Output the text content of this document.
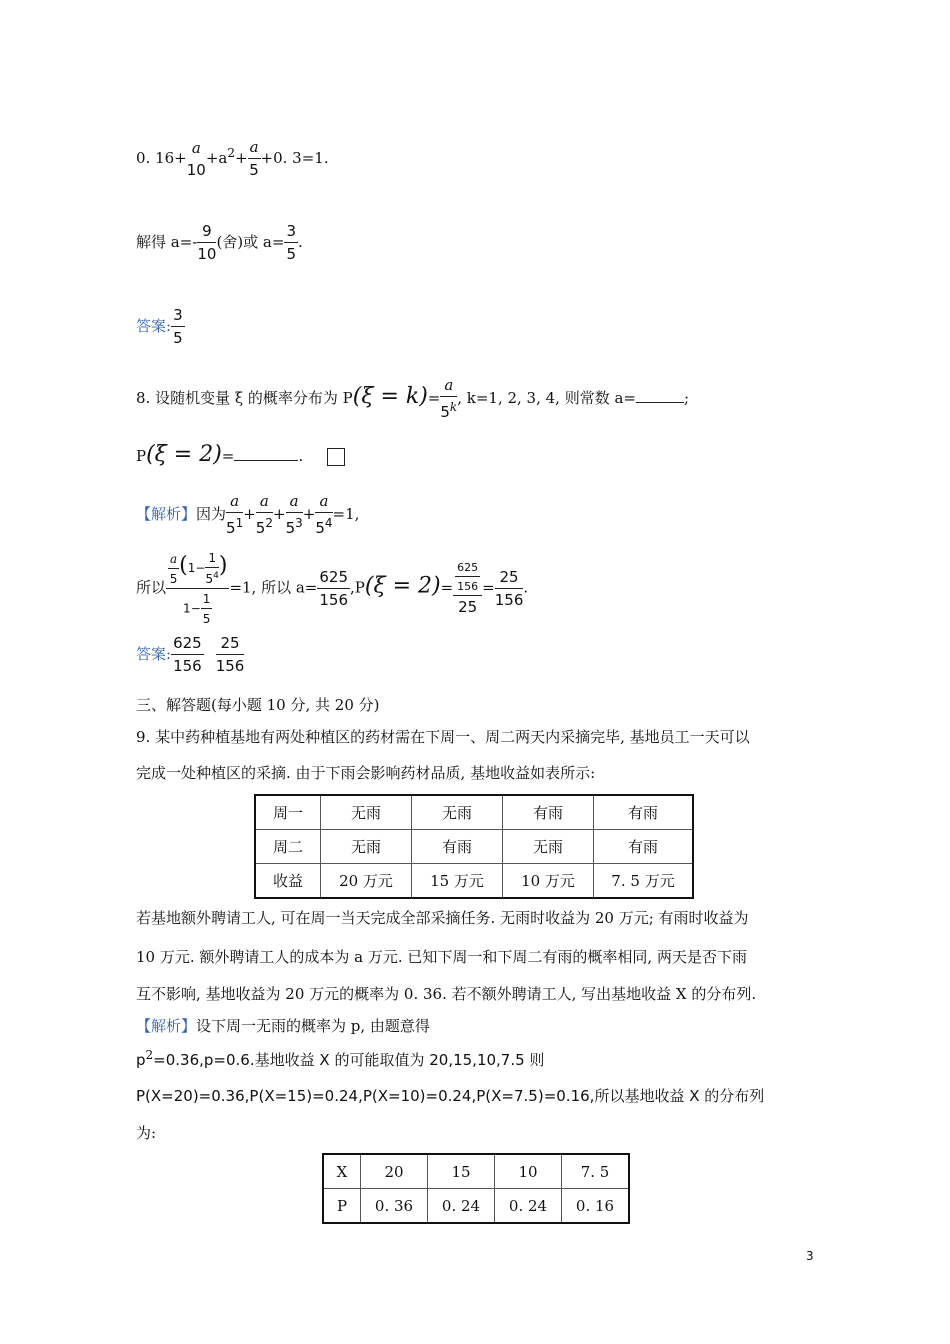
0. 16+
a
10
$+a^2+ \frac{a}{5} +0$. 3=1.
解得 $a=- \frac{9}{10}$ (舍)或 $a= \frac{3}{5}$ .
答案: $\frac{3}{5}$
8. 设随机变量 ξ 的概率分布为 $P(\xi = k)= \frac{a}{5^k}$ , k=1, 2, 3, 4, 则常数 a=	;
P(ξ = 2)=	.
【解析】因为 $\frac{a}{5^1} + \frac{a}{5^2} + \frac{a}{5^3} + \frac{a}{5^4} =1$,
所以 $\frac{\frac{a}{5} (1- \frac{1}{5^4} )}{1- \frac{1}{5}} =1$, 所以 $a= \frac{625}{156} ,P(\xi = 2)= \frac{\frac{625}{156}}{25} = \frac{25}{156}$ .
答案: $\frac{625}{156} \frac{25}{156}$
三、解答题(每小题 10 分, 共 20 分)
9. 某中药种植基地有两处种植区的药材需在下周一、周二两天内采摘完毕, 基地员工一天可以
完成一处种植区的采摘. 由于下雨会影响药材品质, 基地收益如表所示:
周一	无雨	无雨	有雨	有雨
周二	无雨	有雨	无雨	有雨
收益	20 万元	15 万元	10 万元	7. 5 万元
若基地额外聘请工人, 可在周一当天完成全部采摘任务. 无雨时收益为 20 万元; 有雨时收益为
10 万元. 额外聘请工人的成本为 a 万元. 已知下周一和下周二有雨的概率相同, 两天是否下雨
互不影响, 基地收益为 20 万元的概率为 0. 36. 若不额外聘请工人, 写出基地收益 X 的分布列.
【解析】设下周一无雨的概率为 p, 由题意得
$p^2=0.36,p=0.6$.基地收益 X 的可能取值为 20,15,10,7.5 则
P(X=20)=0.36,P(X=15)=0.24,P(X=10)=0.24,P(X=7.5)=0.16,所以基地收益 X 的分布列
为:
X	20	15	10	7. 5
P	0. 36	0. 24	0. 24	0. 16
3
